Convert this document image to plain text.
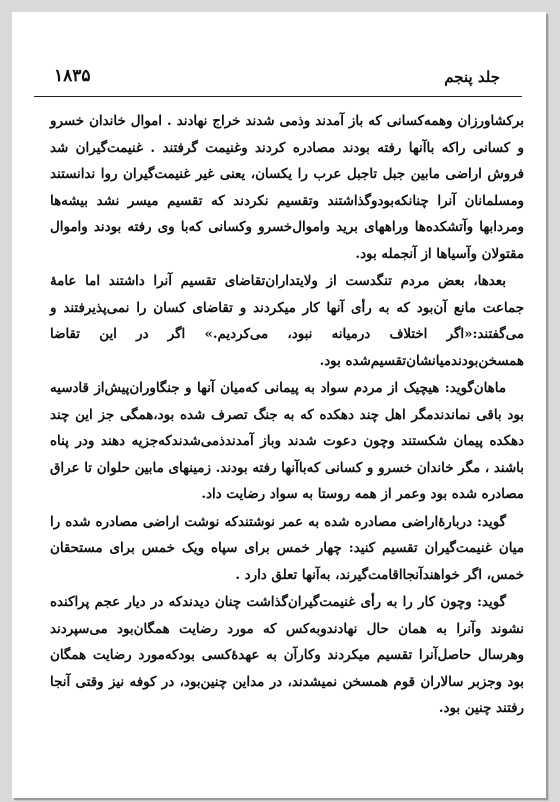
جلد پنجم
۱۸۳۵

برکشاورزان وهمه‌کسانی که باز آمدند وذمی شدند خراج نهادند . اموال خاندان خسرو و کسانی راکه باآنها رفته بودند مصادره کردند وغنیمت گرفتند . غنیمت‌گیران شد فروش اراضی مابین جبل تاجبل عرب را یکسان، یعنی غیر غنیمت‌گیران روا ندانستند ومسلمانان آنرا چنانکه‌بودوگذاشتند وتقسیم نکردند که تقسیم میسر نشد بیشه‌ها ومردابها وآتشکده‌ها وراههای برید واموال‌خسرو وکسانی که‌با وی رفته بودند واموال مقتولان وآسیاها از آنجمله بود.

بعدها، بعض مردم تنگدست از ولایتداران‌تقاضای تقسیم آنرا داشتند اما عامهٔ جماعت مانع آن‌بود که به رأی آنها کار میکردند و تقاضای کسان را نمی‌پذیرفتند و می‌گفتند:«اگر اختلاف درمیانه نبود، می‌کردیم.» اگر در این تقاضا همسخن‌بودندمیانشان‌تقسیم‌شده بود.

ماهان‌گوید: هیچیک از مردم سواد به پیمانی که‌میان آنها و جنگاوران‌پیش‌از قادسیه بود باقی نماندندمگر اهل چند دهکده که به جنگ تصرف شده بود،همگی جز این چند دهکده پیمان شکستند وچون دعوت شدند وباز آمدندذمی‌شدندکه‌جزیه دهند ودر پناه باشند ، مگر خاندان خسرو و کسانی که‌باآنها رفته بودند. زمینهای مابین حلوان تا عراق مصادره شده بود وعمر از همه روستا به سواد رضایت داد.

گوید: دربارهٔ‌اراضی مصادره شده به عمر نوشتند‌که نوشت اراضی مصادره شده را میان غنیمت‌گیران تقسیم کنید: چهار خمس برای سپاه و‌یک خمس برای مستحقان خمس، اگر خواهند‌آنجا‌اقامت‌گیرند، به‌آنها تعلق دارد .

گوید: وچون کار را به رأی غنیمت‌گیران‌گذاشت چنان دیدندکه در دیار عجم پراکنده نشوند وآنرا به همان حال نهادندوبه‌کس که مورد رضایت همگان‌بود می‌سپردند وهرسال حاصل‌آنرا تقسیم میکردند وکارآن به عهدهٔ‌کسی بودکه‌مورد رضایت همگان بود وجزبر سالاران قوم همسخن نمیشدند، در مداین چنین‌بود، در کوفه نیز وقتی آنجا رفتند چنین بود.
